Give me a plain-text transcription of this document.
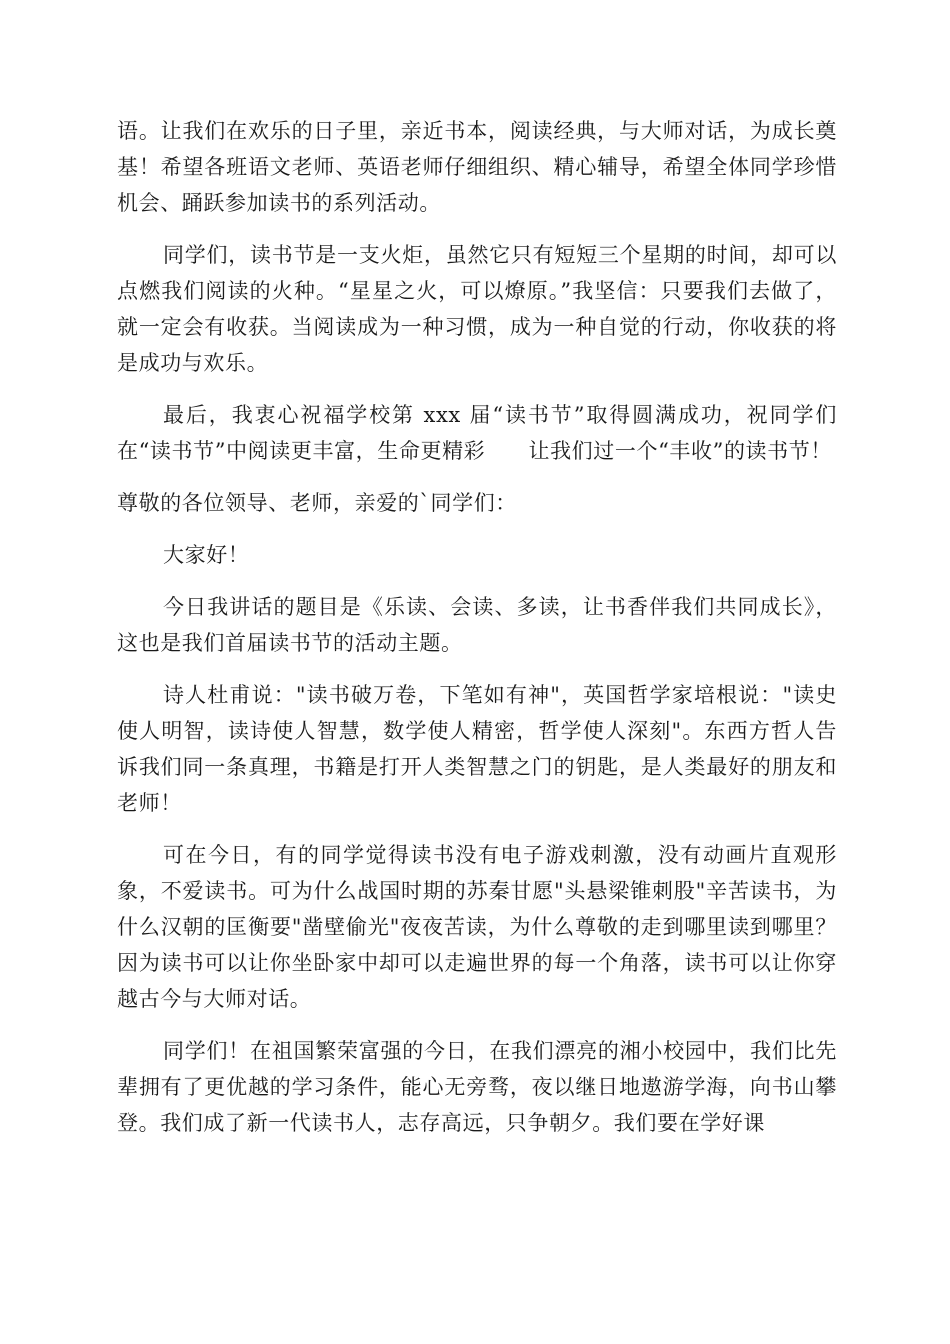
语。让我们在欢乐的日子里，亲近书本，阅读经典，与大师对话，为成长奠基！希望各班语文老师、英语老师仔细组织、精心辅导，希望全体同学珍惜机会、踊跃参加读书的系列活动。

同学们，读书节是一支火炬，虽然它只有短短三个星期的时间，却可以点燃我们阅读的火种。“星星之火，可以燎原。”我坚信：只要我们去做了，就一定会有收获。当阅读成为一种习惯，成为一种自觉的行动，你收获的将是成功与欢乐。

最后，我衷心祝福学校第 xxx 届“读书节”取得圆满成功，祝同学们在“读书节”中阅读更丰富，生命更精彩　　让我们过一个“丰收”的读书节！

尊敬的各位领导、老师，亲爱的`同学们：

大家好！

今日我讲话的题目是《乐读、会读、多读，让书香伴我们共同成长》，这也是我们首届读书节的活动主题。

诗人杜甫说："读书破万卷，下笔如有神"，英国哲学家培根说："读史使人明智，读诗使人智慧，数学使人精密，哲学使人深刻"。东西方哲人告诉我们同一条真理，书籍是打开人类智慧之门的钥匙，是人类最好的朋友和老师！

可在今日，有的同学觉得读书没有电子游戏刺激，没有动画片直观形象，不爱读书。可为什么战国时期的苏秦甘愿"头悬梁锥刺股"辛苦读书，为什么汉朝的匡衡要"凿壁偷光"夜夜苦读，为什么尊敬的走到哪里读到哪里？因为读书可以让你坐卧家中却可以走遍世界的每一个角落，读书可以让你穿越古今与大师对话。

同学们！在祖国繁荣富强的今日，在我们漂亮的湘小校园中，我们比先辈拥有了更优越的学习条件，能心无旁骛，夜以继日地遨游学海，向书山攀登。我们成了新一代读书人，志存高远，只争朝夕。我们要在学好课
